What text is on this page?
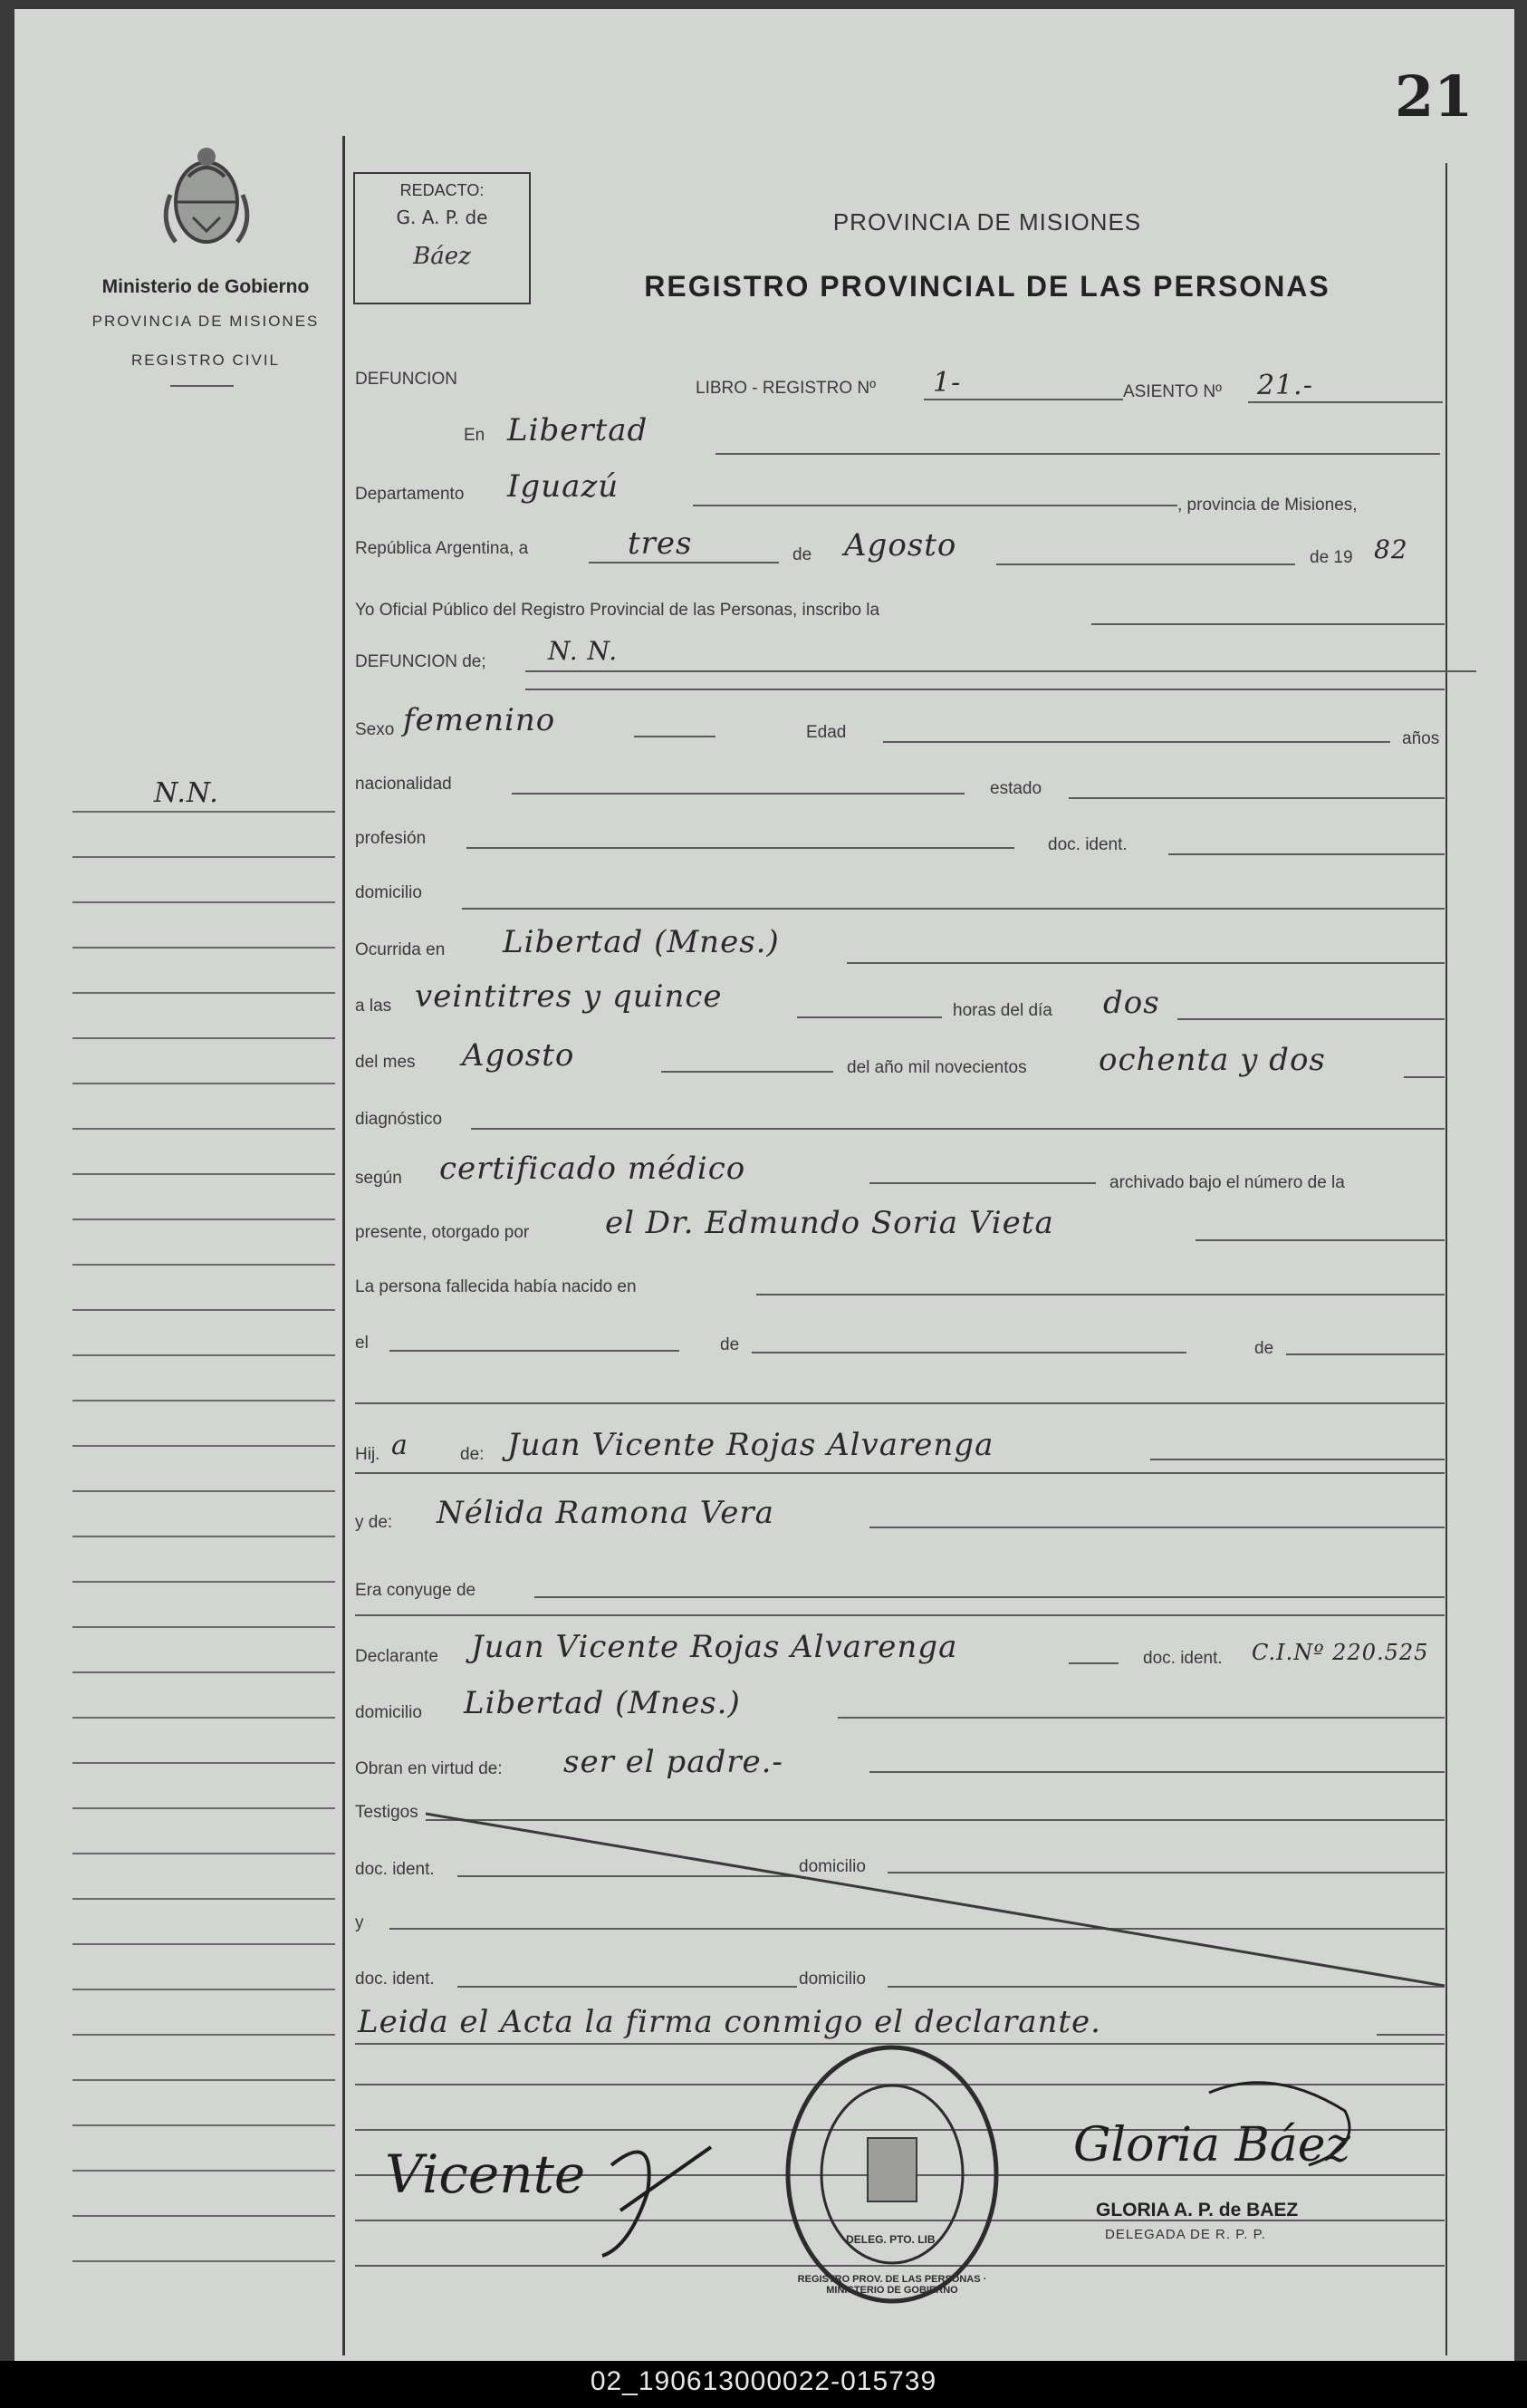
21
Ministerio de Gobierno
PROVINCIA DE MISIONES
REGISTRO CIVIL
REDACTO:
G. A. P. de
Báez
PROVINCIA DE MISIONES
REGISTRO PROVINCIAL DE LAS PERSONAS
N.N.
DEFUNCION	LIBRO - REGISTRO Nº 1-	ASIENTO Nº 21.-
En Libertad
Departamento Iguazú
, provincia de Misiones,
República Argentina, a	tres	de Agosto	de 19 82
Yo Oficial Público del Registro Provincial de las Personas, inscribo la
DEFUNCION de; N. N.
Sexo femenino	Edad	años
nacionalidad	estado
profesión	doc. ident.
domicilio
Ocurrida en Libertad (Mnes.)
a las veintitres y quince	horas del día dos
del mes Agosto	del año mil novecientos ochenta y dos
diagnóstico
según certificado médico	archivado bajo el número de la
presente, otorgado por el Dr. Edmundo Soria Vieta
La persona fallecida había nacido en
el	de	de
Hij. a	de: Juan Vicente Rojas Alvarenga
y de: Nélida Ramona Vera
Era conyuge de
Declarante Juan Vicente Rojas Alvarenga	doc. ident. C.I.Nº 220.525
domicilio Libertad (Mnes.)
Obran en virtud de: ser el padre.-
Testigos
doc. ident.	domicilio
y
doc. ident.	domicilio
Leida el Acta la firma conmigo el declarante.
Vicente
REGISTRO PROV. DE LAS PERSONAS · MINISTERIO DE GOBIERNO
DELEG. PTO. LIB.
Gloria Báez
GLORIA A. P. de BAEZ
DELEGADA DE R. P. P.
02_190613000022-015739
